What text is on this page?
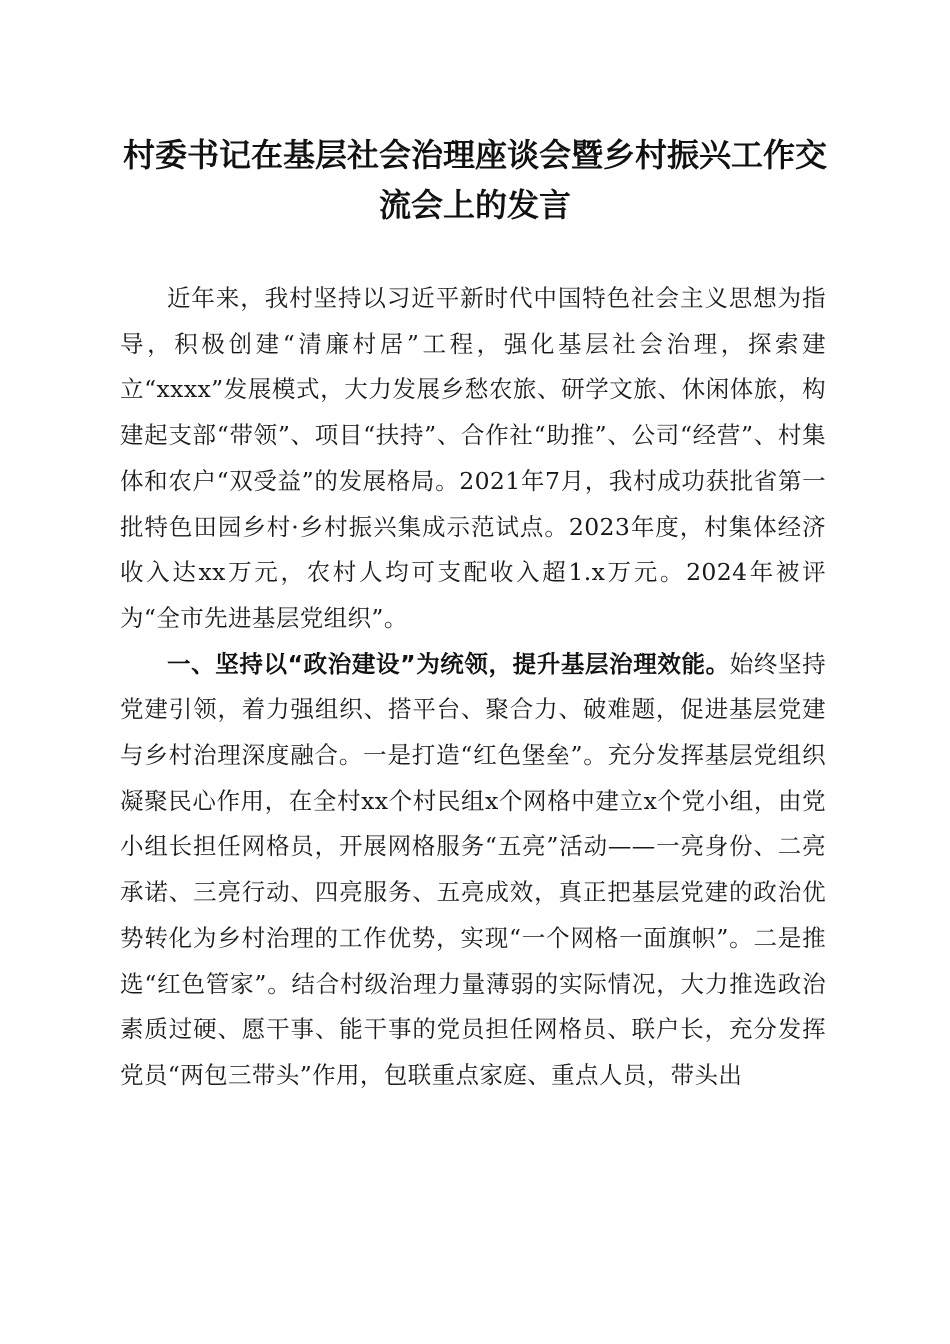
村委书记在基层社会治理座谈会暨乡村振兴工作交流会上的发言

近年来，我村坚持以习近平新时代中国特色社会主义思想为指导，积极创建“清廉村居”工程，强化基层社会治理，探索建立“xxxx”发展模式，大力发展乡愁农旅、研学文旅、休闲体旅，构建起支部“带领”、项目“扶持”、合作社“助推”、公司“经营”、村集体和农户“双受益”的发展格局。2021年7月，我村成功获批省第一批特色田园乡村·乡村振兴集成示范试点。2023年度，村集体经济收入达xx万元，农村人均可支配收入超1.x万元。2024年被评为“全市先进基层党组织”。

一、坚持以“政治建设”为统领，提升基层治理效能。始终坚持党建引领，着力强组织、搭平台、聚合力、破难题，促进基层党建与乡村治理深度融合。一是打造“红色堡垒”。充分发挥基层党组织凝聚民心作用，在全村xx个村民组x个网格中建立x个党小组，由党小组长担任网格员，开展网格服务“五亮”活动——一亮身份、二亮承诺、三亮行动、四亮服务、五亮成效，真正把基层党建的政治优势转化为乡村治理的工作优势，实现“一个网格一面旗帜”。二是推选“红色管家”。结合村级治理力量薄弱的实际情况，大力推选政治素质过硬、愿干事、能干事的党员担任网格员、联户长，充分发挥党员“两包三带头”作用，包联重点家庭、重点人员，带头出
